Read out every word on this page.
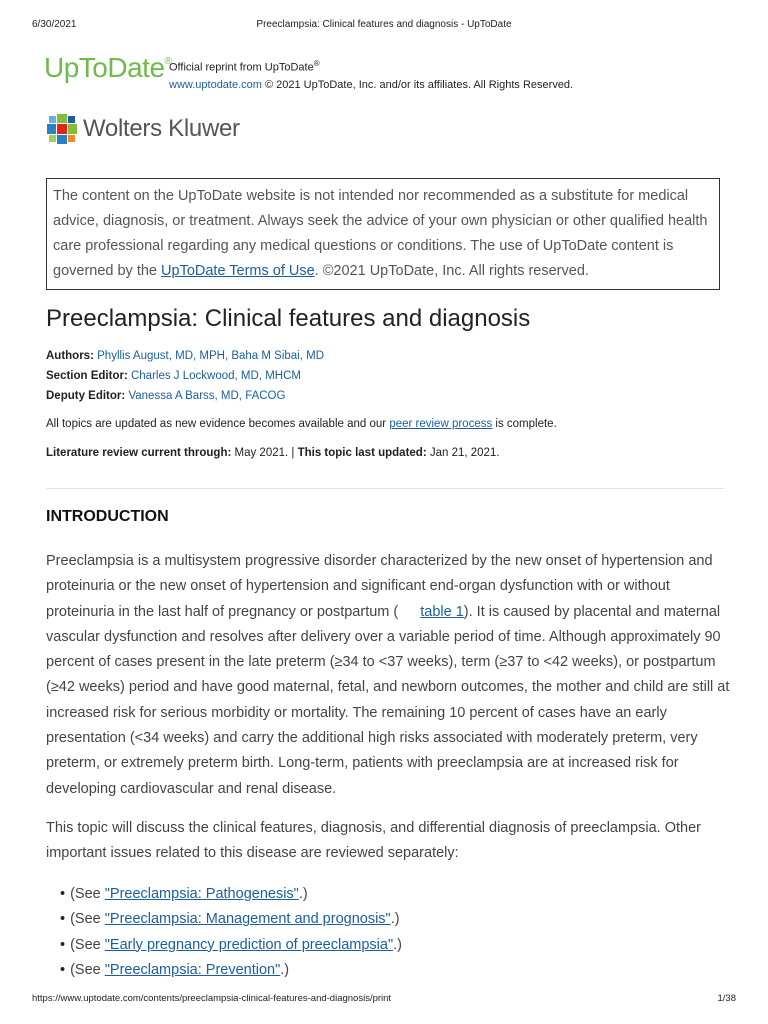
6/30/2021	Preeclampsia: Clinical features and diagnosis - UpToDate
UpToDate®
Official reprint from UpToDate®
www.uptodate.com © 2021 UpToDate, Inc. and/or its affiliates. All Rights Reserved.
Wolters Kluwer
The content on the UpToDate website is not intended nor recommended as a substitute for medical advice, diagnosis, or treatment. Always seek the advice of your own physician or other qualified health care professional regarding any medical questions or conditions. The use of UpToDate content is governed by the UpToDate Terms of Use. ©2021 UpToDate, Inc. All rights reserved.
Preeclampsia: Clinical features and diagnosis
Authors: Phyllis August, MD, MPH, Baha M Sibai, MD
Section Editor: Charles J Lockwood, MD, MHCM
Deputy Editor: Vanessa A Barss, MD, FACOG
All topics are updated as new evidence becomes available and our peer review process is complete.
Literature review current through: May 2021. | This topic last updated: Jan 21, 2021.
INTRODUCTION

Preeclampsia is a multisystem progressive disorder characterized by the new onset of hypertension and proteinuria or the new onset of hypertension and significant end-organ dysfunction with or without proteinuria in the last half of pregnancy or postpartum ( table 1). It is caused by placental and maternal vascular dysfunction and resolves after delivery over a variable period of time. Although approximately 90 percent of cases present in the late preterm (≥34 to <37 weeks), term (≥37 to <42 weeks), or postpartum (≥42 weeks) period and have good maternal, fetal, and newborn outcomes, the mother and child are still at increased risk for serious morbidity or mortality. The remaining 10 percent of cases have an early presentation (<34 weeks) and carry the additional high risks associated with moderately preterm, very preterm, or extremely preterm birth. Long-term, patients with preeclampsia are at increased risk for developing cardiovascular and renal disease.

This topic will discuss the clinical features, diagnosis, and differential diagnosis of preeclampsia. Other important issues related to this disease are reviewed separately:

• (See "Preeclampsia: Pathogenesis".)
• (See "Preeclampsia: Management and prognosis".)
• (See "Early pregnancy prediction of preeclampsia".)
• (See "Preeclampsia: Prevention".)
https://www.uptodate.com/contents/preeclampsia-clinical-features-and-diagnosis/print	1/38
